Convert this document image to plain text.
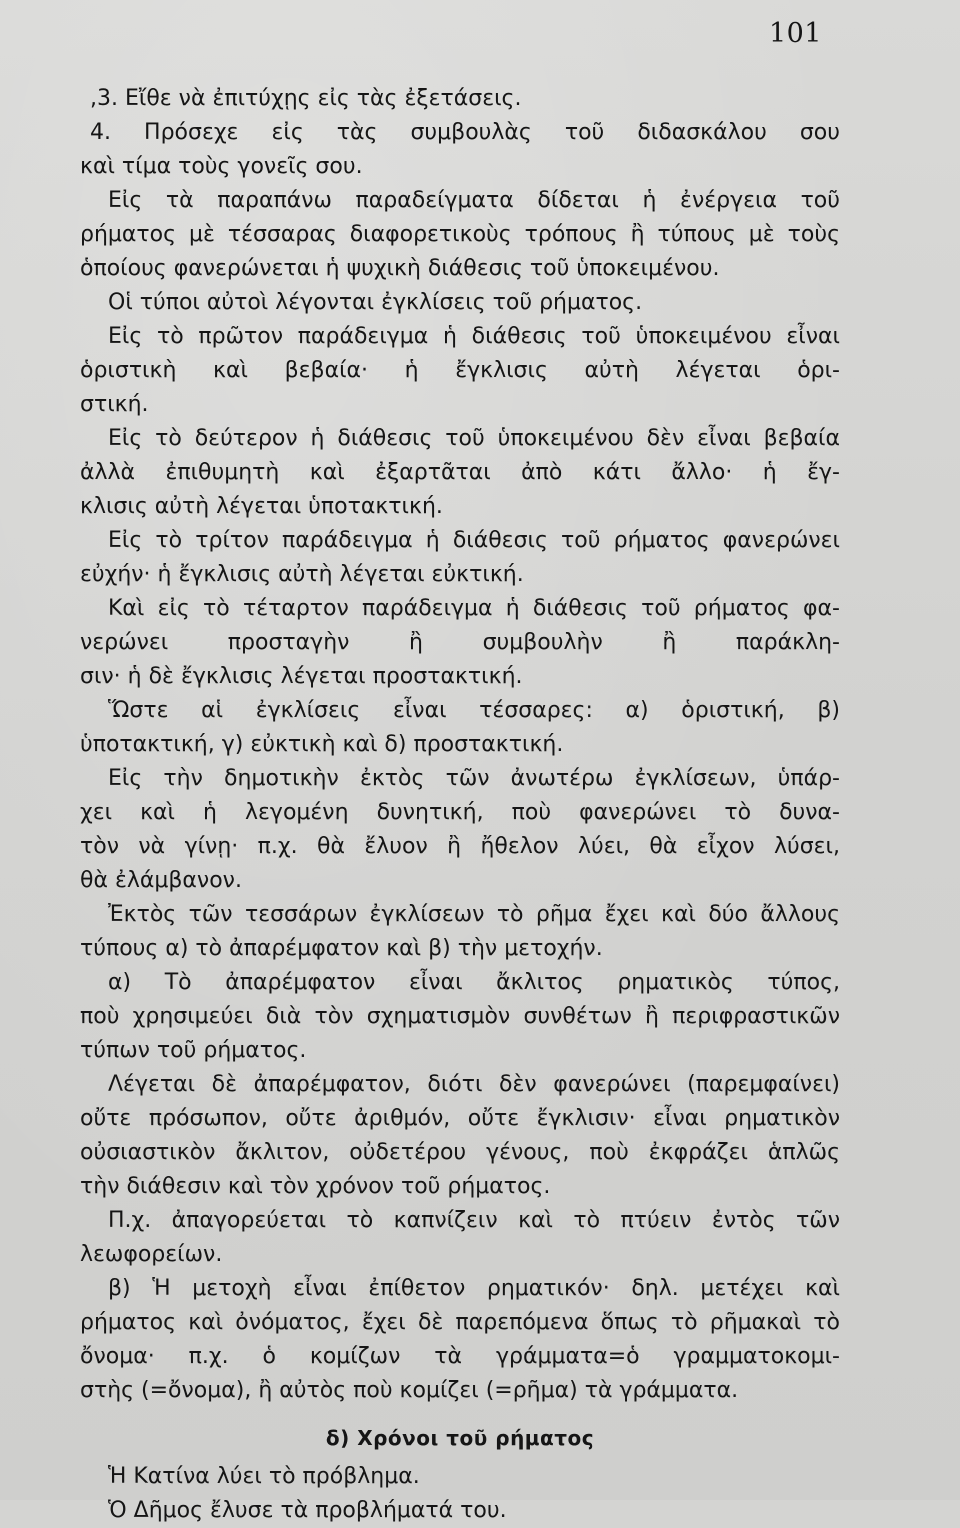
101
,3. Εἴθε νὰ ἐπιτύχῃς εἰς τὰς ἐξετάσεις.
4. Πρόσεχε εἰς τὰς συμβουλὰς τοῦ διδασκάλου σου
καὶ τίμα τοὺς γονεῖς σου.
Εἰς τὰ παραπάνω παραδείγματα δίδεται ἡ ἐνέργεια τοῦ
ρήματος μὲ τέσσαρας διαφορετικοὺς τρόπους ἢ τύπους μὲ τοὺς
ὁποίους φανερώνεται ἡ ψυχικὴ διάθεσις τοῦ ὑποκειμένου.
Οἱ τύποι αὐτοὶ λέγονται ἐγκλίσεις τοῦ ρήματος.
Εἰς τὸ πρῶτον παράδειγμα ἡ διάθεσις τοῦ ὑποκειμένου εἶναι
ὁριστικὴ καὶ βεβαία· ἡ ἔγκλισις αὐτὴ λέγεται ὁρι-
στική.
Εἰς τὸ δεύτερον ἡ διάθεσις τοῦ ὑποκειμένου δὲν εἶναι βεβαία
ἀλλὰ ἐπιθυμητὴ καὶ ἐξαρτᾶται ἀπὸ κάτι ἄλλο· ἡ ἔγ-
κλισις αὐτὴ λέγεται ὑποτακτική.
Εἰς τὸ τρίτον παράδειγμα ἡ διάθεσις τοῦ ρήματος φανερώνει
εὐχήν· ἡ ἔγκλισις αὐτὴ λέγεται εὐκτική.
Καὶ εἰς τὸ τέταρτον παράδειγμα ἡ διάθεσις τοῦ ρήματος φα-
νερώνει προσταγὴν ἢ συμβουλὴν ἢ παράκλη-
σιν· ἡ δὲ ἔγκλισις λέγεται προστακτική.
Ὥστε αἱ ἐγκλίσεις εἶναι τέσσαρες: α) ὁριστική, β)
ὑποτακτική, γ) εὐκτικὴ καὶ δ) προστακτική.
Εἰς τὴν δημοτικὴν ἐκτὸς τῶν ἀνωτέρω ἐγκλίσεων, ὑπάρ-
χει καὶ ἡ λεγομένη δυνητική, ποὺ φανερώνει τὸ δυνα-
τὸν νὰ γίνῃ· π.χ. θὰ ἔλυον ἢ ἤθελον λύει, θὰ εἶχον λύσει,
θὰ ἐλάμβανον.
Ἐκτὸς τῶν τεσσάρων ἐγκλίσεων τὸ ρῆμα ἔχει καὶ δύο ἄλλους
τύπους α) τὸ ἀπαρέμφατον καὶ β) τὴν μετοχήν.
α) Τὸ ἀπαρέμφατον εἶναι ἄκλιτος ρηματικὸς τύπος,
ποὺ χρησιμεύει διὰ τὸν σχηματισμὸν συνθέτων ἢ περιφραστικῶν
τύπων τοῦ ρήματος.
Λέγεται δὲ ἀπαρέμφατον, διότι δὲν φανερώνει (παρεμφαίνει)
οὔτε πρόσωπον, οὔτε ἀριθμόν, οὔτε ἔγκλισιν· εἶναι ρηματικὸν
οὐσιαστικὸν ἄκλιτον, οὐδετέρου γένους, ποὺ ἐκφράζει ἁπλῶς
τὴν διάθεσιν καὶ τὸν χρόνον τοῦ ρήματος.
Π.χ. ἀπαγορεύεται τὸ καπνίζειν καὶ τὸ πτύειν ἐντὸς τῶν
λεωφορείων.
β) Ἡ μετοχὴ εἶναι ἐπίθετον ρηματικόν· δηλ. μετέχει καὶ
ρήματος καὶ ὀνόματος, ἔχει δὲ παρεπόμενα ὅπως τὸ ρῆμακαὶ τὸ
ὄνομα· π.χ. ὁ κομίζων τὰ γράμματα=ὁ γραμματοκομι-
στὴς (=ὄνομα), ἢ αὐτὸς ποὺ κομίζει (=ρῆμα) τὰ γράμματα.
δ) Χρόνοι τοῦ ρήματος
Ἡ Κατίνα λύει τὸ πρόβλημα.
Ὁ Δῆμος ἔλυσε τὰ προβλήματά του.
